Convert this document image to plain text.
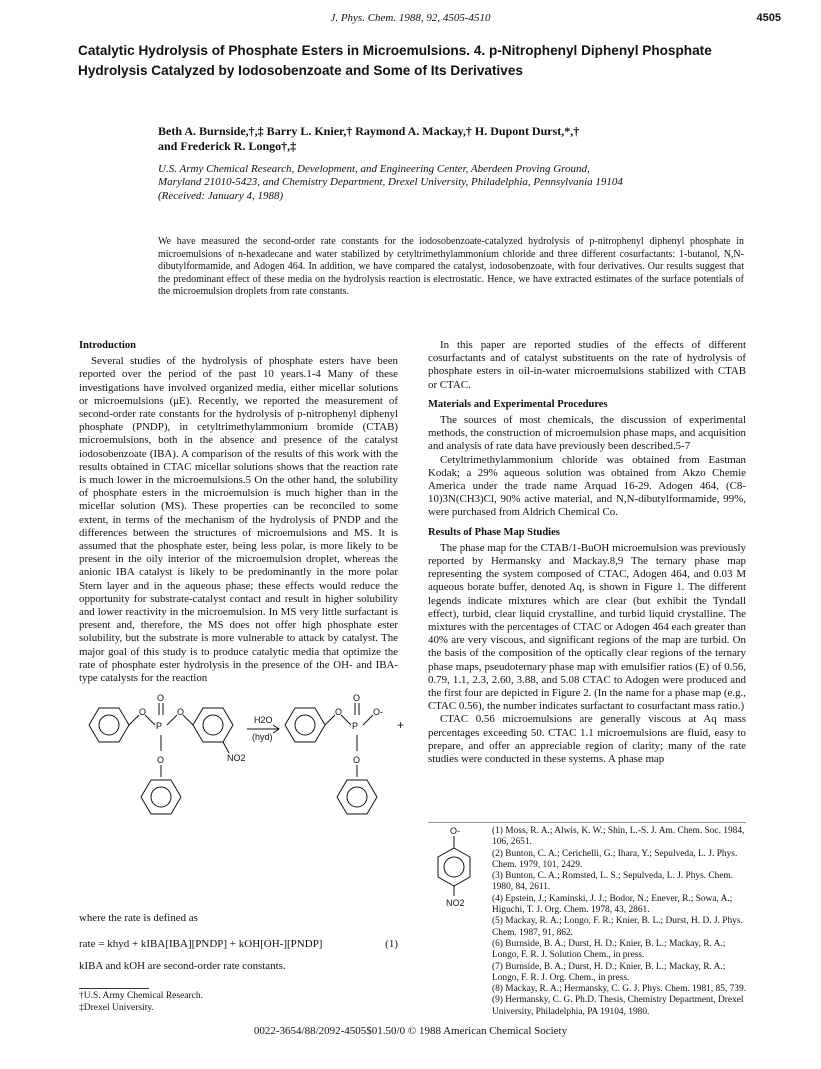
J. Phys. Chem. 1988, 92, 4505-4510	4505
Catalytic Hydrolysis of Phosphate Esters in Microemulsions. 4. p-Nitrophenyl Diphenyl Phosphate Hydrolysis Catalyzed by Iodosobenzoate and Some of Its Derivatives
Beth A. Burnside,†,‡ Barry L. Knier,† Raymond A. Mackay,† H. Dupont Durst,*,†
and Frederick R. Longo†,‡
U.S. Army Chemical Research, Development, and Engineering Center, Aberdeen Proving Ground,
Maryland 21010-5423, and Chemistry Department, Drexel University, Philadelphia, Pennsylvania 19104
(Received: January 4, 1988)
We have measured the second-order rate constants for the iodosobenzoate-catalyzed hydrolysis of p-nitrophenyl diphenyl phosphate in microemulsions of n-hexadecane and water stabilized by cetyltrimethylammonium chloride and three different cosurfactants: 1-butanol, N,N-dibutylformamide, and Adogen 464. In addition, we have compared the catalyst, iodosobenzoate, with four derivatives. Our results suggest that the predominant effect of these media on the hydrolysis reaction is electrostatic. Hence, we have extracted estimates of the surface potentials of the microemulsion droplets from rate constants.
Introduction

Several studies of the hydrolysis of phosphate esters have been reported over the period of the past 10 years.1-4 Many of these investigations have involved organized media, either micellar solutions or microemulsions (μE). Recently, we reported the measurement of second-order rate constants for the hydrolysis of p-nitrophenyl diphenyl phosphate (PNDP), in cetyltrimethylammonium bromide (CTAB) microemulsions, both in the absence and presence of the catalyst iodosobenzoate (IBA). A comparison of the results of this work with the results obtained in CTAC micellar solutions shows that the reaction rate is much lower in the microemulsions.5 On the other hand, the solubility of phosphate esters in the microemulsion is much higher than in the micellar solution (MS). These properties can be reconciled to some extent, in terms of the mechanism of the hydrolysis of PNDP and the differences between the structures of microemulsions and MS. It is assumed that the phosphate ester, being less polar, is more likely to be present in the oily interior of the microemulsion droplet, whereas the anionic IBA catalyst is likely to be predominantly in the more polar Stern layer and in the aqueous phase; these effects would reduce the opportunity for substrate-catalyst contact and result in higher solubility and lower reactivity in the microemulsion. In MS very little surfactant is present and, therefore, the MS does not offer high phosphate ester solubility, but the substrate is more vulnerable to attack by catalyst. The major goal of this study is to produce catalytic media that optimize the rate of phosphate ester hydrolysis in the presence of the OH- and IBA-type catalysts for the reaction

O
P
O
O
O	NO2
H2O
(hyd)
O
P
O
O-
O
+
O-
NO2

where the rate is defined as

rate = khyd + kIBA[IBA][PNDP] + kOH[OH-][PNDP]	(1)

kIBA and kOH are second-order rate constants.

†U.S. Army Chemical Research.
‡Drexel University.

In this paper are reported studies of the effects of different cosurfactants and of catalyst substituents on the rate of hydrolysis of phosphate esters in oil-in-water microemulsions stabilized with CTAB or CTAC.

Materials and Experimental Procedures

The sources of most chemicals, the discussion of experimental methods, the construction of microemulsion phase maps, and acquisition and analysis of rate data have previously been described.5-7

Cetyltrimethylammonium chloride was obtained from Eastman Kodak; a 29% aqueous solution was obtained from Akzo Chemie America under the trade name Arquad 16-29. Adogen 464, (C8-10)3N(CH3)Cl, 90% active material, and N,N-dibutylformamide, 99%, were purchased from Aldrich Chemical Co.

Results of Phase Map Studies

The phase map for the CTAB/1-BuOH microemulsion was previously reported by Hermansky and Mackay.8,9 The ternary phase map representing the system composed of CTAC, Adogen 464, and 0.03 M aqueous borate buffer, denoted Aq, is shown in Figure 1. The different legends indicate mixtures which are clear (but exhibit the Tyndall effect), turbid, clear liquid crystalline, and turbid liquid crystalline. The mixtures with the percentages of CTAC or Adogen 464 each greater than 40% are very viscous, and significant regions of the map are turbid. On the basis of the composition of the optically clear regions of the ternary phase maps, pseudoternary phase map with emulsifier ratios (E) of 0.56, 0.79, 1.1, 2.3, 2.60, 3.88, and 5.08 CTAC to Adogen were produced and the first four are depicted in Figure 2. (In the name for a phase map (e.g., CTAC 0.56), the number indicates surfactant to cosurfactant mass ratio.)

CTAC 0.56 microemulsions are generally viscous at Aq mass percentages exceeding 50. CTAC 1.1 microemulsions are fluid, easy to prepare, and offer an appreciable region of clarity; many of the rate studies were conducted in these systems. A phase map

(1) Moss, R. A.; Alwis, K. W.; Shin, L.-S. J. Am. Chem. Soc. 1984, 106, 2651.
(2) Bunton, C. A.; Cerichelli, G.; Ihara, Y.; Sepulveda, L. J. Phys. Chem. 1979, 101, 2429.
(3) Bunton, C. A.; Romsted, L. S.; Sepulveda, L. J. Phys. Chem. 1980, 84, 2611.
(4) Epstein, J.; Kaminski, J. J.; Bodor, N.; Enever, R.; Sowa, A.; Higuchi, T. J. Org. Chem. 1978, 43, 2861.
(5) Mackay, R. A.; Longo, F. R.; Knier, B. L.; Durst, H. D. J. Phys. Chem. 1987, 91, 862.
(6) Burnside, B. A.; Durst, H. D.; Knier, B. L.; Mackay, R. A.; Longo, F. R. J. Solution Chem., in press.
(7) Burnside, B. A.; Durst, H. D.; Knier, B. L.; Mackay, R. A.; Longo, F. R. J. Org. Chem., in press.
(8) Mackay, R. A.; Hermansky, C. G. J. Phys. Chem. 1981, 85, 739.
(9) Hermansky, C. G. Ph.D. Thesis, Chemistry Department, Drexel University, Philadelphia, PA 19104, 1980.
0022-3654/88/2092-4505$01.50/0 © 1988 American Chemical Society
